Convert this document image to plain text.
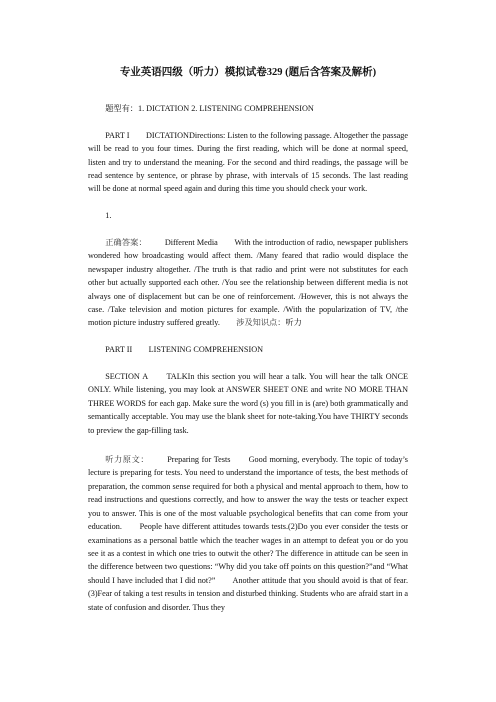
专业英语四级（听力）模拟试卷329 (题后含答案及解析)
题型有：1. DICTATION 2. LISTENING COMPREHENSION
PART I　　DICTATIONDirections: Listen to the following passage. Altogether the passage will be read to you four times. During the first reading, which will be done at normal speed, listen and try to understand the meaning. For the second and third readings, the passage will be read sentence by sentence, or phrase by phrase, with intervals of 15 seconds. The last reading will be done at normal speed again and during this time you should check your work.
1.
正确答案： Different Media　　With the introduction of radio, newspaper publishers wondered how broadcasting would affect them. /Many feared that radio would displace the newspaper industry altogether. /The truth is that radio and print were not substitutes for each other but actually supported each other. /You see the relationship between different media is not always one of displacement but can be one of reinforcement. /However, this is not always the case. /Take television and motion pictures for example. /With the popularization of TV, /the motion picture industry suffered greatly.　　 涉及知识点：听力
PART II　　LISTENING COMPREHENSION
SECTION A　　TALKIn this section you will hear a talk. You will hear the talk ONCE ONLY. While listening, you may look at ANSWER SHEET ONE and write NO MORE THAN THREE WORDS for each gap. Make sure the word (s) you fill in is (are) both grammatically and semantically acceptable. You may use the blank sheet for note-taking.You have THIRTY seconds to preview the gap-filling task.
听力原文： Preparing for Tests　　Good morning, everybody. The topic of today’s lecture is preparing for tests. You need to understand the importance of tests, the best methods of preparation, the common sense required for both a physical and mental approach to them, how to read instructions and questions correctly, and how to answer the way the tests or teacher expect you to answer. This is one of the most valuable psychological benefits that can come from your education.　　People have different attitudes towards tests.(2)Do you ever consider the tests or examinations as a personal battle which the teacher wages in an attempt to defeat you or do you see it as a contest in which one tries to outwit the other? The difference in attitude can be seen in the difference between two questions: “Why did you take off points on this question?”and “What should I have included that I did not?”　　Another attitude that you should avoid is that of fear.(3)Fear of taking a test results in tension and disturbed thinking. Students who are afraid start in a state of confusion and disorder. Thus they
